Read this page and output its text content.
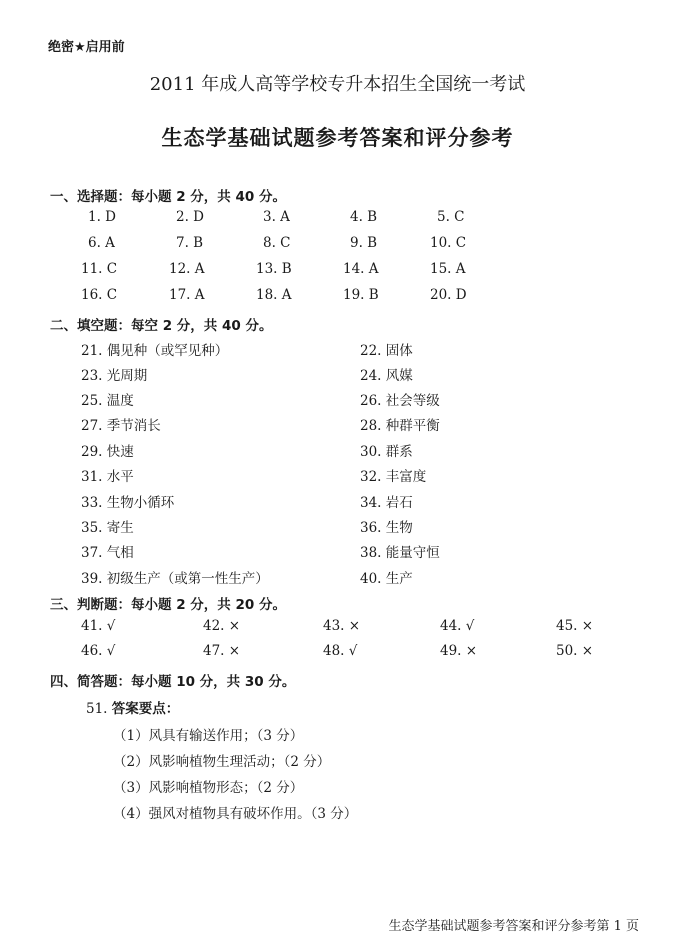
绝密★启用前
2011 年成人高等学校专升本招生全国统一考试
生态学基础试题参考答案和评分参考
一、选择题：每小题 2 分，共 40 分。
1. D	2. D	3. A	4. B	5. C
6. A	7. B	8. C	9. B	10. C
11. C	12. A	13. B	14. A	15. A
16. C	17. A	18. A	19. B	20. D
二、填空题：每空 2 分，共 40 分。
21. 偶见种（或罕见种）	22. 固体
23. 光周期	24. 风媒
25. 温度	26. 社会等级
27. 季节消长	28. 种群平衡
29. 快速	30. 群系
31. 水平	32. 丰富度
33. 生物小循环	34. 岩石
35. 寄生	36. 生物
37. 气相	38. 能量守恒
39. 初级生产（或第一性生产）	40. 生产
三、判断题：每小题 2 分，共 20 分。
41. √	42. ×	43. ×	44. √	45. ×
46. √	47. ×	48. √	49. ×	50. ×
四、简答题：每小题 10 分，共 30 分。
51. 答案要点：
（1）风具有输送作用；（3 分）
（2）风影响植物生理活动；（2 分）
（3）风影响植物形态；（2 分）
（4）强风对植物具有破坏作用。（3 分）
生态学基础试题参考答案和评分参考第 1 页
